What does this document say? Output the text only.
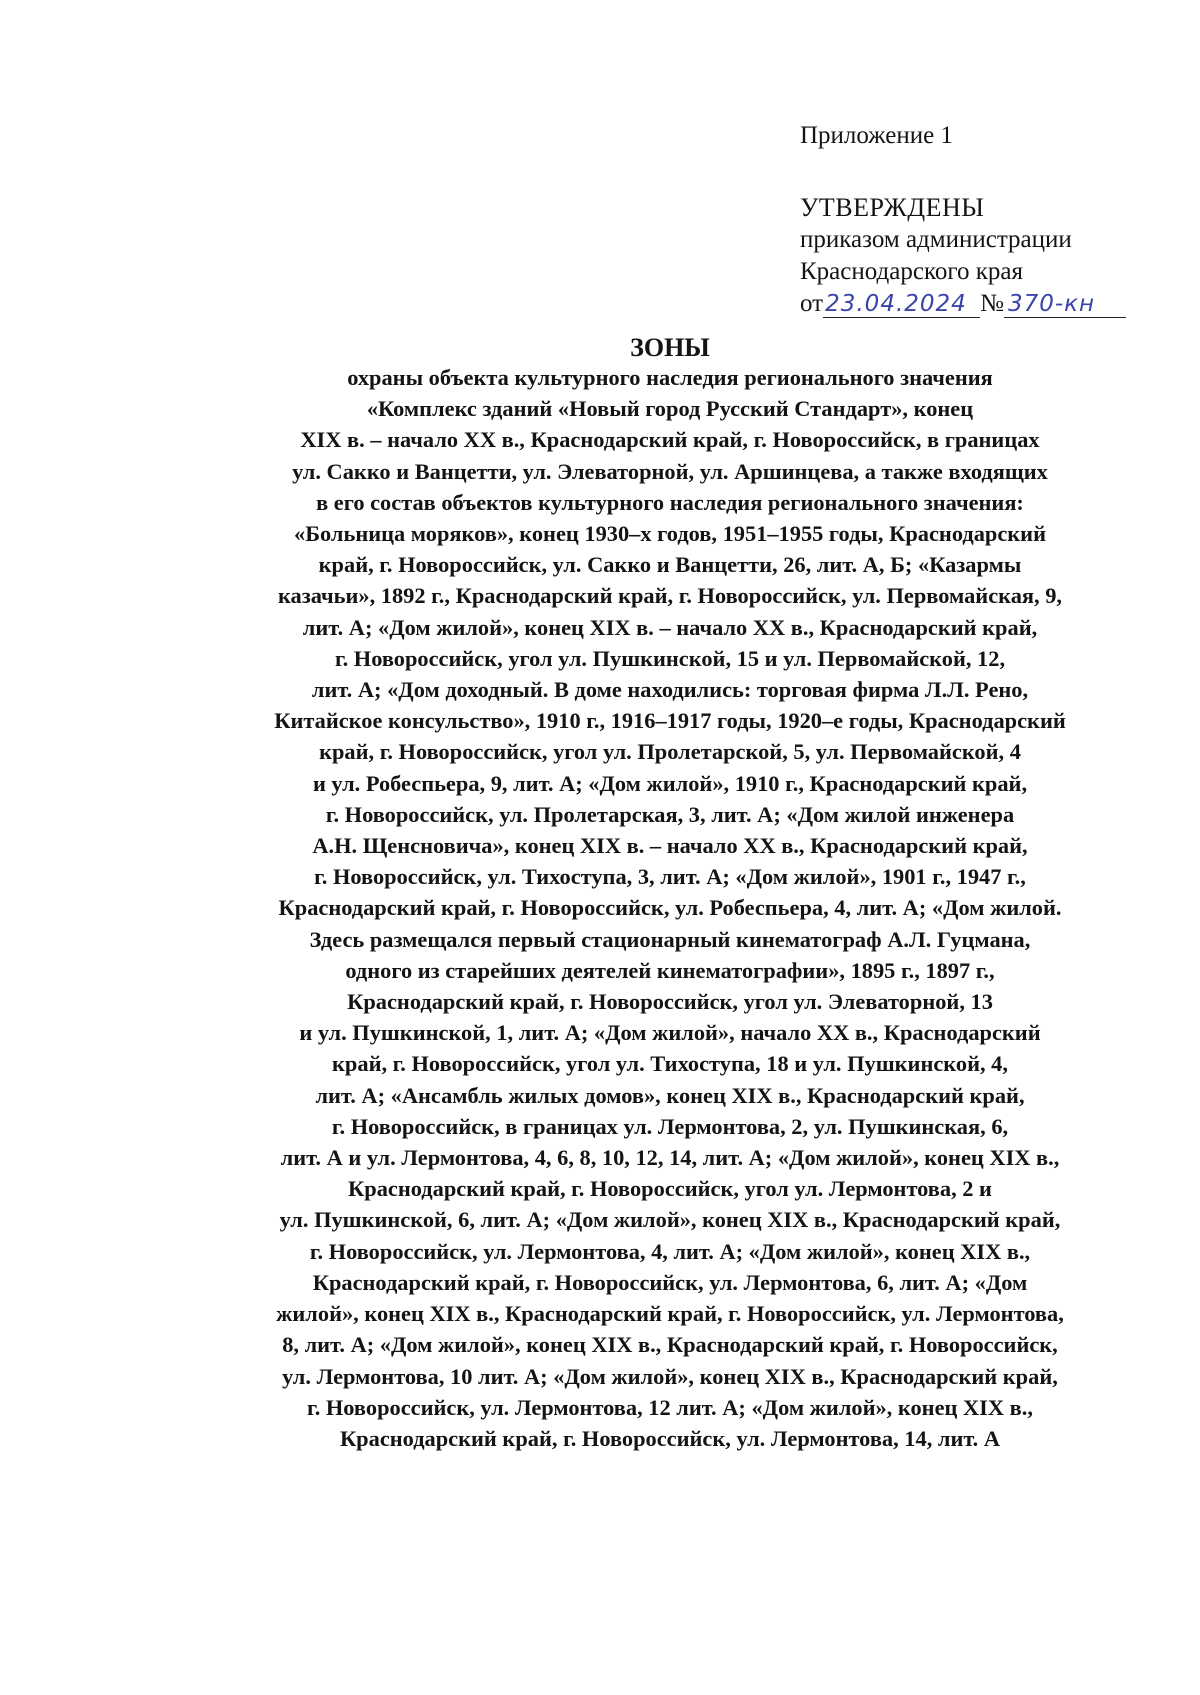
Приложение 1
УТВЕРЖДЕНЫ
приказом администрации
Краснодарского края
от23.04.2024 № 370-кн
ЗОНЫ

охраны объекта культурного наследия регионального значения
«Комплекс зданий «Новый город Русский Стандарт», конец
XIX в. – начало XX в., Краснодарский край, г. Новороссийск, в границах
ул. Сакко и Ванцетти, ул. Элеваторной, ул. Аршинцева, а также входящих
в его состав объектов культурного наследия регионального значения:
«Больница моряков», конец 1930–х годов, 1951–1955 годы, Краснодарский
край, г. Новороссийск, ул. Сакко и Ванцетти, 26, лит. А, Б; «Казармы
казачьи», 1892 г., Краснодарский край, г. Новороссийск, ул. Первомайская, 9,
лит. А; «Дом жилой», конец XIX в. – начало XX в., Краснодарский край,
г. Новороссийск, угол ул. Пушкинской, 15 и ул. Первомайской, 12,
лит. А; «Дом доходный. В доме находились: торговая фирма Л.Л. Рено,
Китайское консульство», 1910 г., 1916–1917 годы, 1920–е годы, Краснодарский
край, г. Новороссийск, угол ул. Пролетарской, 5, ул. Первомайской, 4
и ул. Робеспьера, 9, лит. А; «Дом жилой», 1910 г., Краснодарский край,
г. Новороссийск, ул. Пролетарская, 3, лит. А; «Дом жилой инженера
А.Н. Щенсновича», конец XIX в. – начало XX в., Краснодарский край,
г. Новороссийск, ул. Тихоступа, 3, лит. А; «Дом жилой», 1901 г., 1947 г.,
Краснодарский край, г. Новороссийск, ул. Робеспьера, 4, лит. А; «Дом жилой.
Здесь размещался первый стационарный кинематограф А.Л. Гуцмана,
одного из старейших деятелей кинематографии», 1895 г., 1897 г.,
Краснодарский край, г. Новороссийск, угол ул. Элеваторной, 13
и ул. Пушкинской, 1, лит. А; «Дом жилой», начало XX в., Краснодарский
край, г. Новороссийск, угол ул. Тихоступа, 18 и ул. Пушкинской, 4,
лит. А; «Ансамбль жилых домов», конец XIX в., Краснодарский край,
г. Новороссийск, в границах ул. Лермонтова, 2, ул. Пушкинская, 6,
лит. А и ул. Лермонтова, 4, 6, 8, 10, 12, 14, лит. А; «Дом жилой», конец XIX в.,
Краснодарский край, г. Новороссийск, угол ул. Лермонтова, 2 и
ул. Пушкинской, 6, лит. А; «Дом жилой», конец XIX в., Краснодарский край,
г. Новороссийск, ул. Лермонтова, 4, лит. А; «Дом жилой», конец XIX в.,
Краснодарский край, г. Новороссийск, ул. Лермонтова, 6, лит. А; «Дом
жилой», конец XIX в., Краснодарский край, г. Новороссийск, ул. Лермонтова,
8, лит. А; «Дом жилой», конец XIX в., Краснодарский край, г. Новороссийск,
ул. Лермонтова, 10 лит. А; «Дом жилой», конец XIX в., Краснодарский край,
г. Новороссийск, ул. Лермонтова, 12 лит. А; «Дом жилой», конец XIX в.,
Краснодарский край, г. Новороссийск, ул. Лермонтова, 14, лит. А
